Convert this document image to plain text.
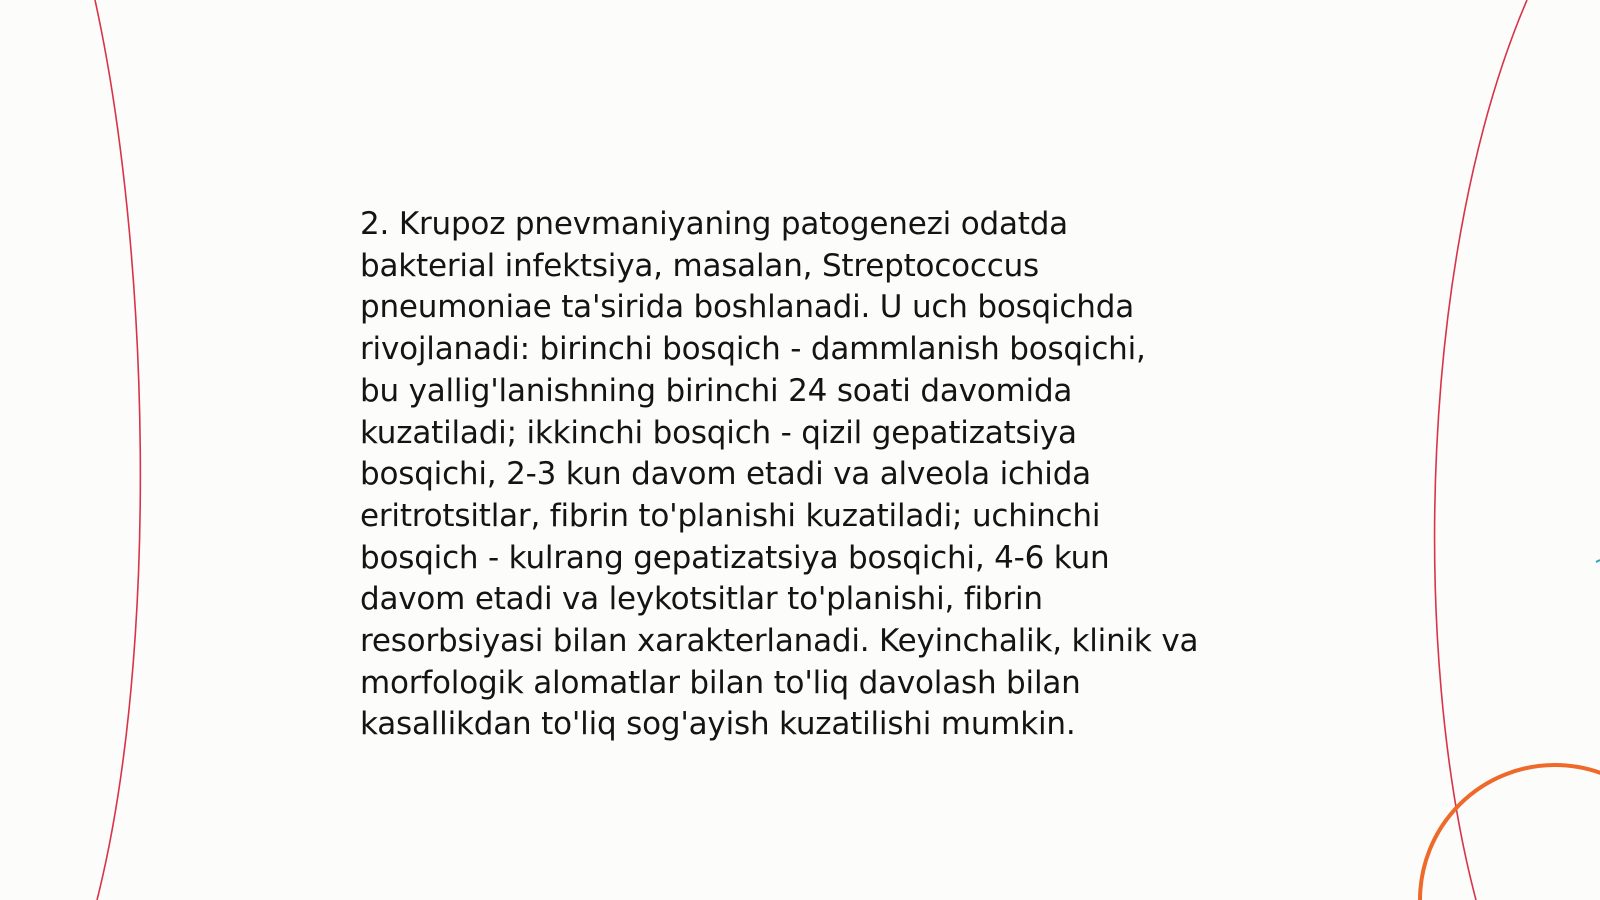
2. Krupoz pnevmaniyaning patogenezi odatda
bakterial infektsiya, masalan, Streptococcus
pneumoniae ta'sirida boshlanadi. U uch bosqichda
rivojlanadi: birinchi bosqich - dammlanish bosqichi,
bu yallig'lanishning birinchi 24 soati davomida
kuzatiladi; ikkinchi bosqich - qizil gepatizatsiya
bosqichi, 2-3 kun davom etadi va alveola ichida
eritrotsitlar, fibrin to'planishi kuzatiladi; uchinchi
bosqich - kulrang gepatizatsiya bosqichi, 4-6 kun
davom etadi va leykotsitlar to'planishi, fibrin
resorbsiyasi bilan xarakterlanadi. Keyinchalik, klinik va
morfologik alomatlar bilan to'liq davolash bilan
kasallikdan to'liq sog'ayish kuzatilishi mumkin.
